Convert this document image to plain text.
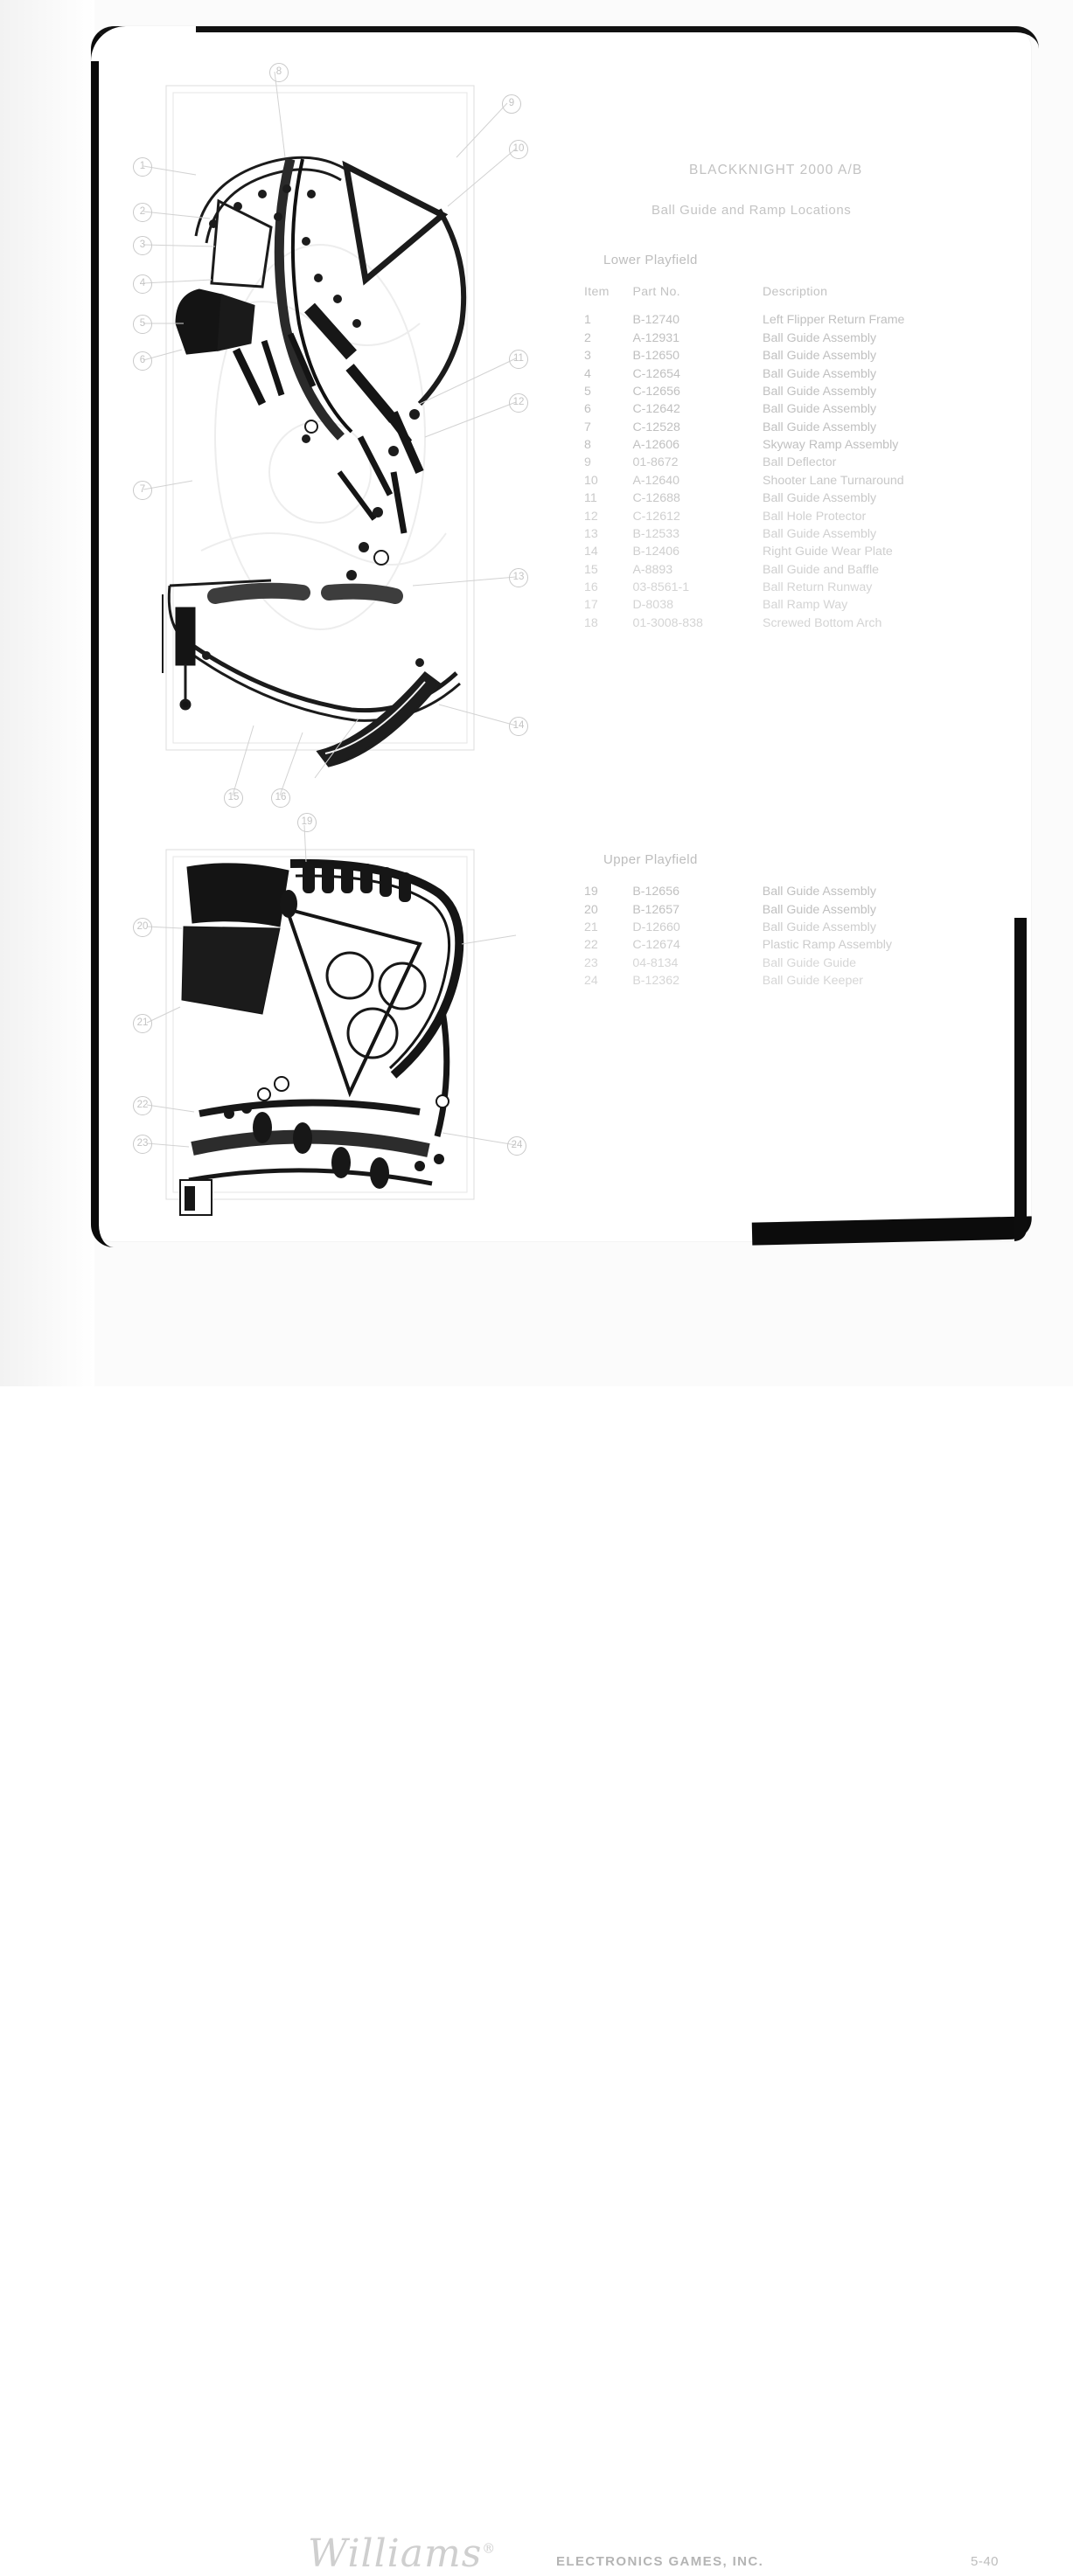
8
1
2
3
4
5
6
7
9
10
11
12
13
14
15	16
19
20
21
22
23	24
BLACKKNIGHT 2000 A/B
Ball Guide and Ramp Locations
Lower Playfield
Item	Part No.	Description
1	B-12740	Left Flipper Return Frame
2	A-12931	Ball Guide Assembly
3	B-12650	Ball Guide Assembly
4	C-12654	Ball Guide Assembly
5	C-12656	Ball Guide Assembly
6	C-12642	Ball Guide Assembly
7	C-12528	Ball Guide Assembly
8	A-12606	Skyway Ramp Assembly
9	01-8672	Ball Deflector
10	A-12640	Shooter Lane Turnaround
11	C-12688	Ball Guide Assembly
12	C-12612	Ball Hole Protector
13	B-12533	Ball Guide Assembly
14	B-12406	Right Guide Wear Plate
15	A-8893	Ball Guide and Baffle
16	03-8561-1	Ball Return Runway
17	D-8038	Ball Ramp Way
18	01-3008-838	Screwed Bottom Arch
Upper Playfield
19	B-12656	Ball Guide Assembly
20	B-12657	Ball Guide Assembly
21	D-12660	Ball Guide Assembly
22	C-12674	Plastic Ramp Assembly
23	04-8134	Ball Guide Guide
24	B-12362	Ball Guide Keeper
Williams®
ELECTRONICS GAMES, INC.	5-40
